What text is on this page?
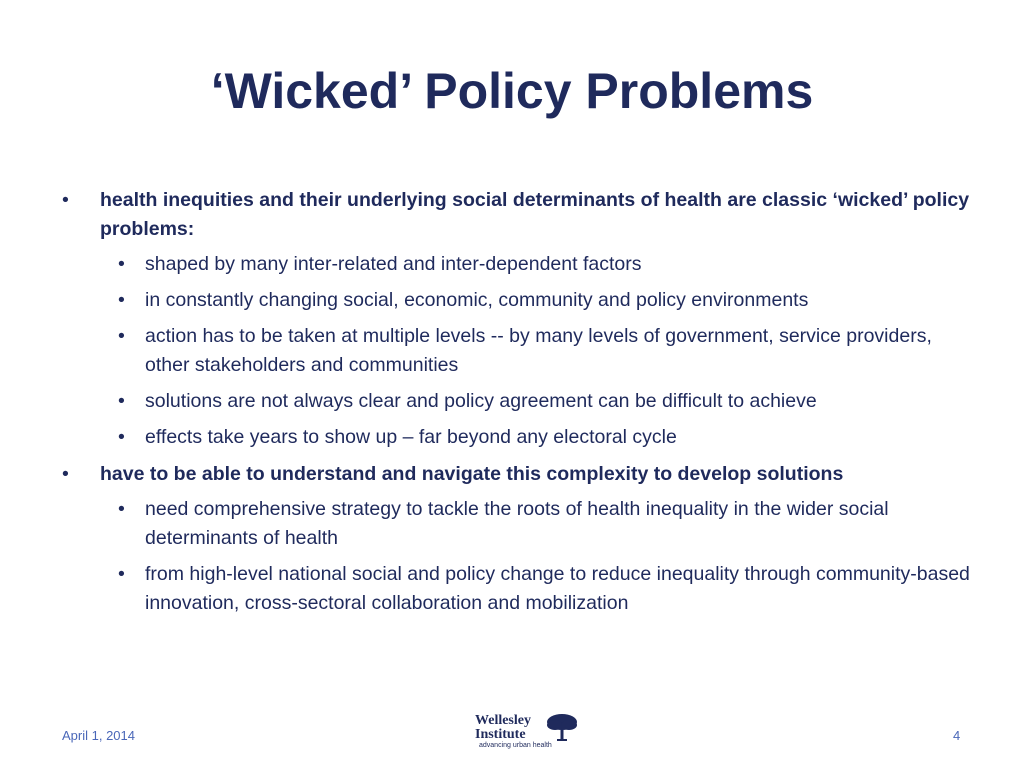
‘Wicked’ Policy Problems
• health inequities and their underlying social determinants of health are classic ‘wicked’ policy problems:
• shaped by many inter-related and inter-dependent factors
• in constantly changing social, economic, community and policy environments
• action has to be taken at multiple levels -- by many levels of government, service providers, other stakeholders and communities
• solutions are not always clear and policy agreement can be difficult to achieve
• effects take years to show up – far beyond any electoral cycle
• have to be able to understand and navigate this complexity to develop solutions
• need comprehensive strategy to tackle the roots of health inequality in the wider social determinants of health
• from high-level national social and policy change to reduce inequality through community-based innovation, cross-sectoral collaboration and mobilization
April 1, 2014
Wellesley
Institute
advancing urban health
4
